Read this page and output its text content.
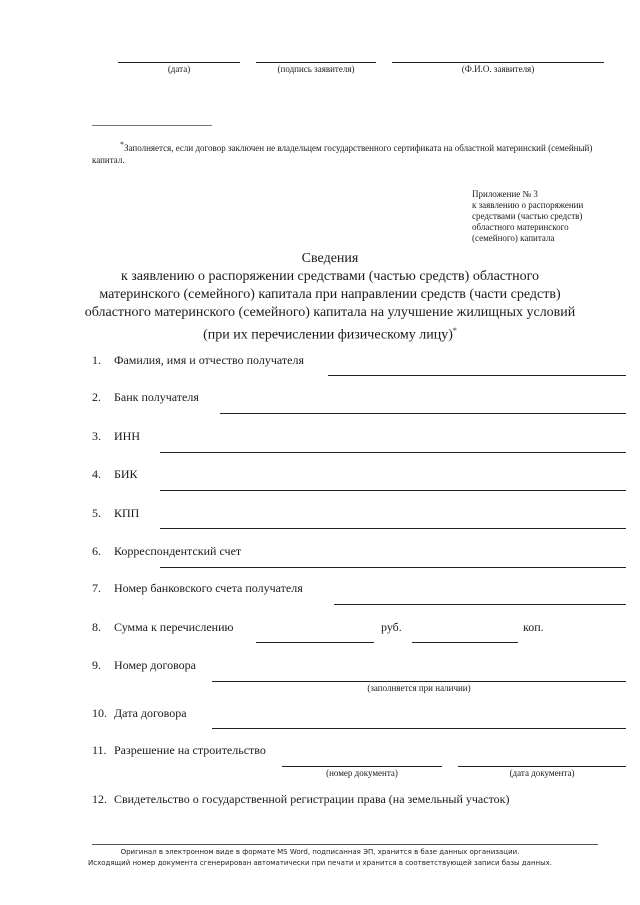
(дата)	(подпись заявителя)	(Ф.И.О. заявителя)
*Заполняется, если договор заключен не владельцем государственного сертификата на областной материнский (семейный) капитал.
Приложение № 3
к заявлению о распоряжении
средствами (частью средств)
областного материнского
(семейного) капитала
Сведения
к заявлению о распоряжении средствами (частью средств) областного
материнского (семейного) капитала при направлении средств (части средств)
областного материнского (семейного) капитала на улучшение жилищных условий
(при их перечислении физическому лицу)*
1. Фамилия, имя и отчество получателя
2. Банк получателя
3. ИНН
4. БИК
5. КПП
6. Корреспондентский счет
7. Номер банковского счета получателя
8. Сумма к перечислению	руб.	коп.
9. Номер договора
(заполняется при наличии)
10. Дата договора
11. Разрешение на строительство
(номер документа)	(дата документа)
12. Свидетельство о государственной регистрации права (на земельный участок)
Оригинал в электронном виде в формате MS Word, подписанная ЭП, хранится в базе данных организации.
Исходящий номер документа сгенерирован автоматически при печати и хранится в соответствующей записи базы данных.
